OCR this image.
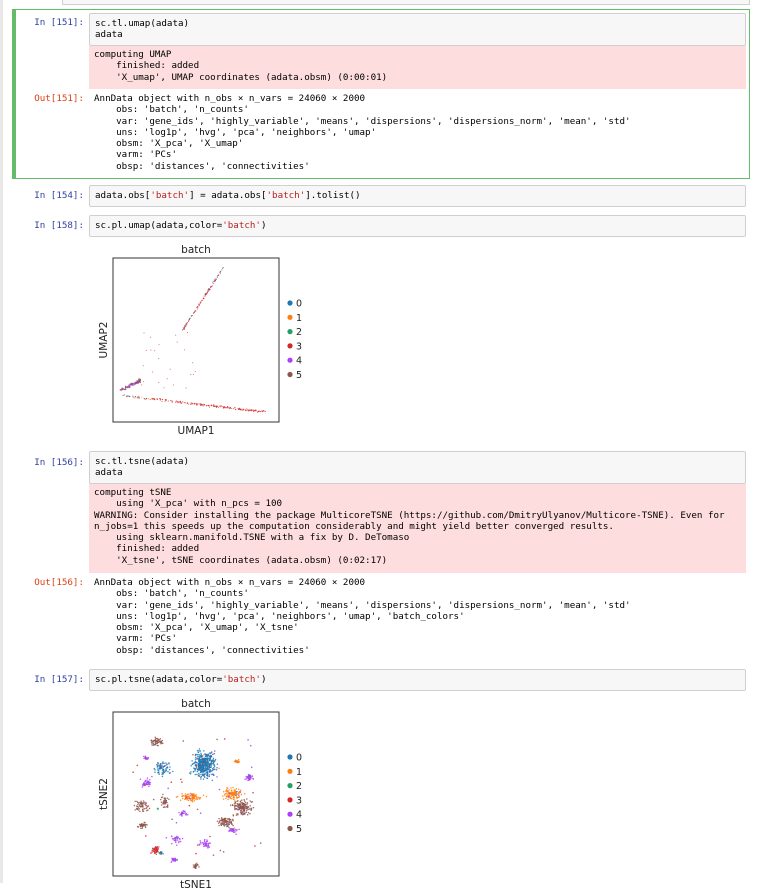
In [151]: sc.tl.umap(adata)
adata
computing UMAP
finished: added
'X_umap', UMAP coordinates (adata.obsm) (0:00:01)
Out[151]: AnnData object with n_obs × n_vars = 24060 × 2000
obs: 'batch', 'n_counts'
var: 'gene_ids', 'highly_variable', 'means', 'dispersions', 'dispersions_norm', 'mean', 'std'
uns: 'log1p', 'hvg', 'pca', 'neighbors', 'umap'
obsm: 'X_pca', 'X_umap'
varm: 'PCs'
obsp: 'distances', 'connectivities'
In [154]: adata.obs['batch'] = adata.obs['batch'].tolist()
In [158]: sc.pl.umap(adata,color='batch')
batch
UMAP1
UMAP2
0
1
2
3
4
5
In [156]: sc.tl.tsne(adata)
adata
computing tSNE
using 'X_pca' with n_pcs = 100
WARNING: Consider installing the package MulticoreTSNE (https://github.com/DmitryUlyanov/Multicore-TSNE). Even for
n_jobs=1 this speeds up the computation considerably and might yield better converged results.
using sklearn.manifold.TSNE with a fix by D. DeTomaso
finished: added
'X_tsne', tSNE coordinates (adata.obsm) (0:02:17)
Out[156]: AnnData object with n_obs × n_vars = 24060 × 2000
obs: 'batch', 'n_counts'
var: 'gene_ids', 'highly_variable', 'means', 'dispersions', 'dispersions_norm', 'mean', 'std'
uns: 'log1p', 'hvg', 'pca', 'neighbors', 'umap', 'batch_colors'
obsm: 'X_pca', 'X_umap', 'X_tsne'
varm: 'PCs'
obsp: 'distances', 'connectivities'
In [157]: sc.pl.tsne(adata,color='batch')
batch
tSNE1
tSNE2
0
1
2
3
4
5
